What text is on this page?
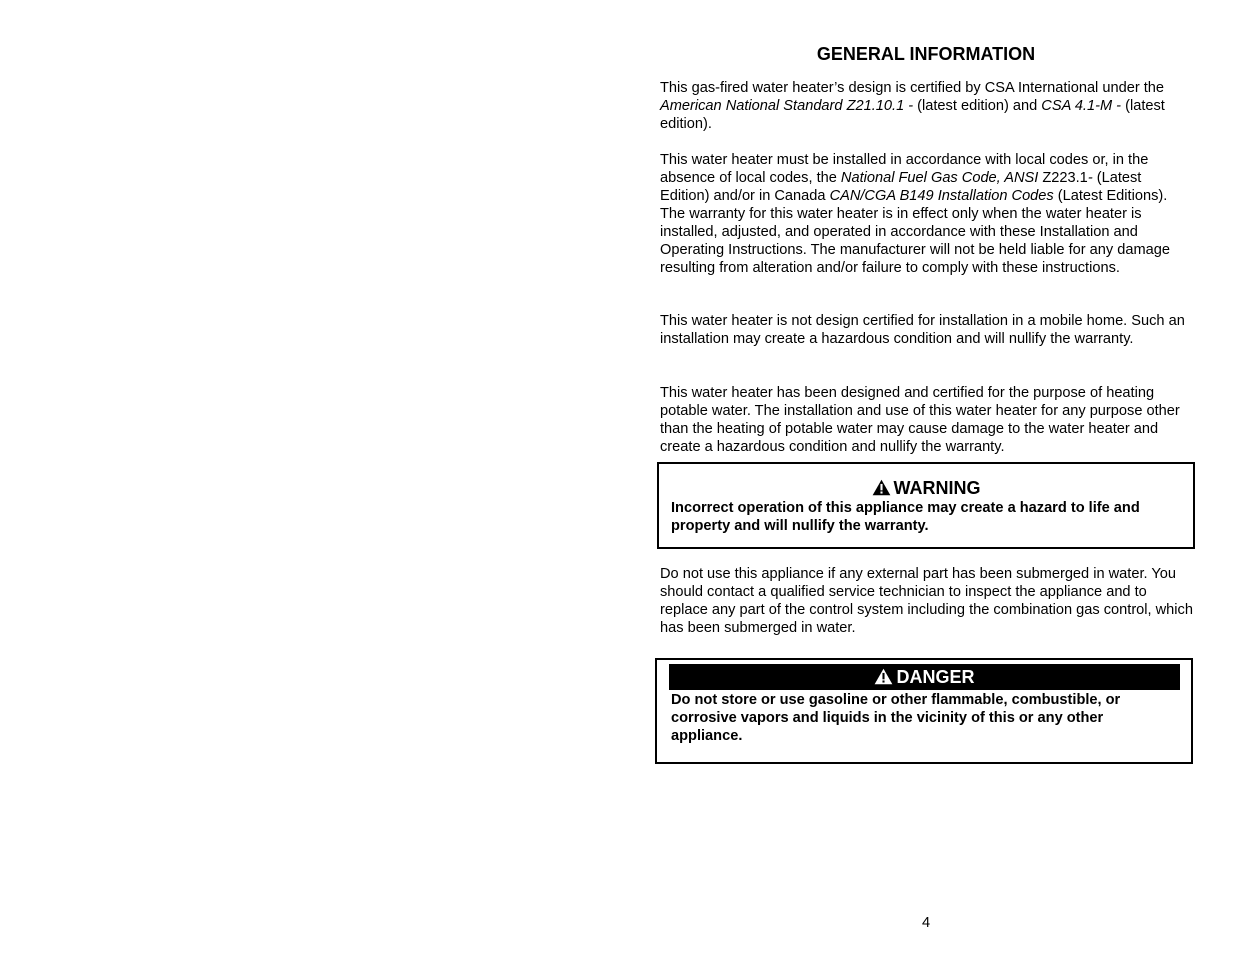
GENERAL INFORMATION

This gas-fired water heater’s design is certified by CSA International under the American National Standard Z21.10.1 - (latest edition) and CSA 4.1-M - (latest edition).

This water heater must be installed in accordance with local codes or, in the absence of local codes, the National Fuel Gas Code, ANSI Z223.1- (Latest Edition) and/or in Canada CAN/CGA B149 Installation Codes (Latest Editions). The warranty for this water heater is in effect only when the water heater is installed, adjusted, and operated in accordance with these Installation and Operating Instructions. The manufacturer will not be held liable for any damage resulting from alteration and/or failure to comply with these instructions.

This water heater is not design certified for installation in a mobile home. Such an installation may create a hazardous condition and will nullify the warranty.

This water heater has been designed and certified for the purpose of heating potable water. The installation and use of this water heater for any purpose other than the heating of potable water may cause damage to the water heater and create a hazardous condition and nullify the warranty.

WARNING
Incorrect operation of this appliance may create a hazard to life and property and will nullify the warranty.

Do not use this appliance if any external part has been submerged in water. You should contact a qualified service technician to inspect the appliance and to replace any part of the control system including the combination gas control, which has been submerged in water.

DANGER
Do not store or use gasoline or other flammable, combustible, or corrosive vapors and liquids in the vicinity of this or any other appliance.
4
